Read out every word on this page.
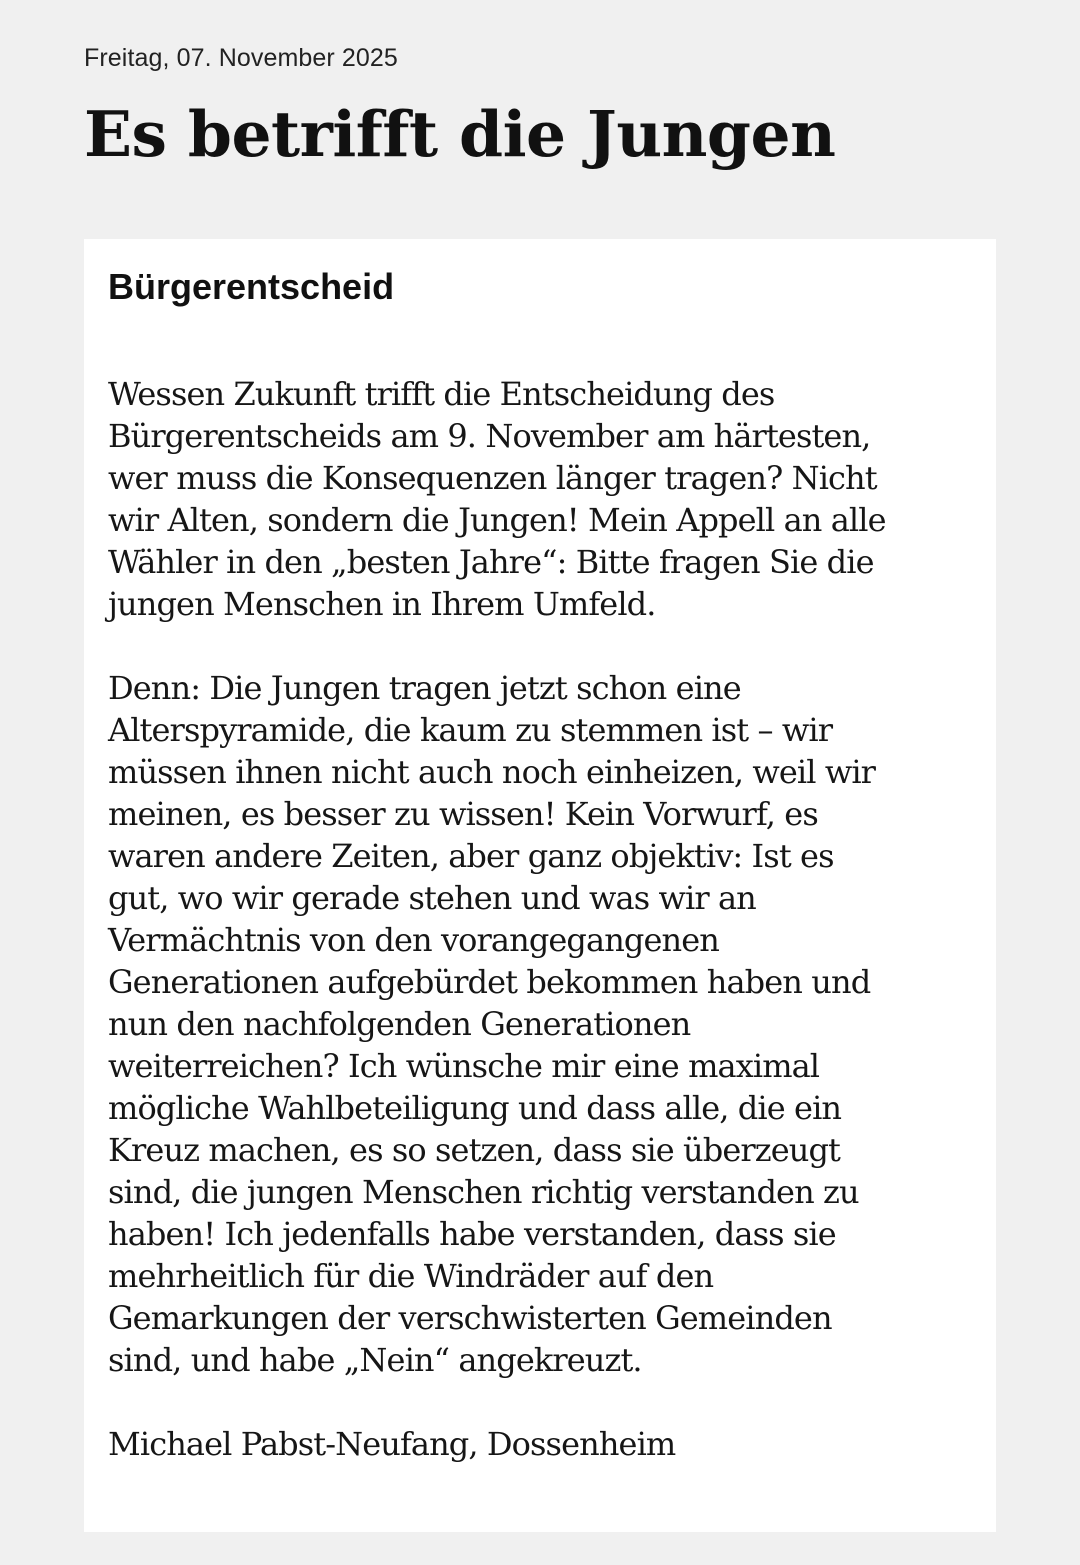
Freitag, 07. November 2025
Es betrifft die Jungen
Bürgerentscheid

Wessen Zukunft trifft die Entscheidung des
Bürgerentscheids am 9. November am härtesten,
wer muss die Konsequenzen länger tragen? Nicht
wir Alten, sondern die Jungen! Mein Appell an alle
Wähler in den „besten Jahre“: Bitte fragen Sie die
jungen Menschen in Ihrem Umfeld.

Denn: Die Jungen tragen jetzt schon eine
Alterspyramide, die kaum zu stemmen ist – wir
müssen ihnen nicht auch noch einheizen, weil wir
meinen, es besser zu wissen! Kein Vorwurf, es
waren andere Zeiten, aber ganz objektiv: Ist es
gut, wo wir gerade stehen und was wir an
Vermächtnis von den vorangegangenen
Generationen aufgebürdet bekommen haben und
nun den nachfolgenden Generationen
weiterreichen? Ich wünsche mir eine maximal
mögliche Wahlbeteiligung und dass alle, die ein
Kreuz machen, es so setzen, dass sie überzeugt
sind, die jungen Menschen richtig verstanden zu
haben! Ich jedenfalls habe verstanden, dass sie
mehrheitlich für die Windräder auf den
Gemarkungen der verschwisterten Gemeinden
sind, und habe „Nein“ angekreuzt.

Michael Pabst-Neufang, Dossenheim
